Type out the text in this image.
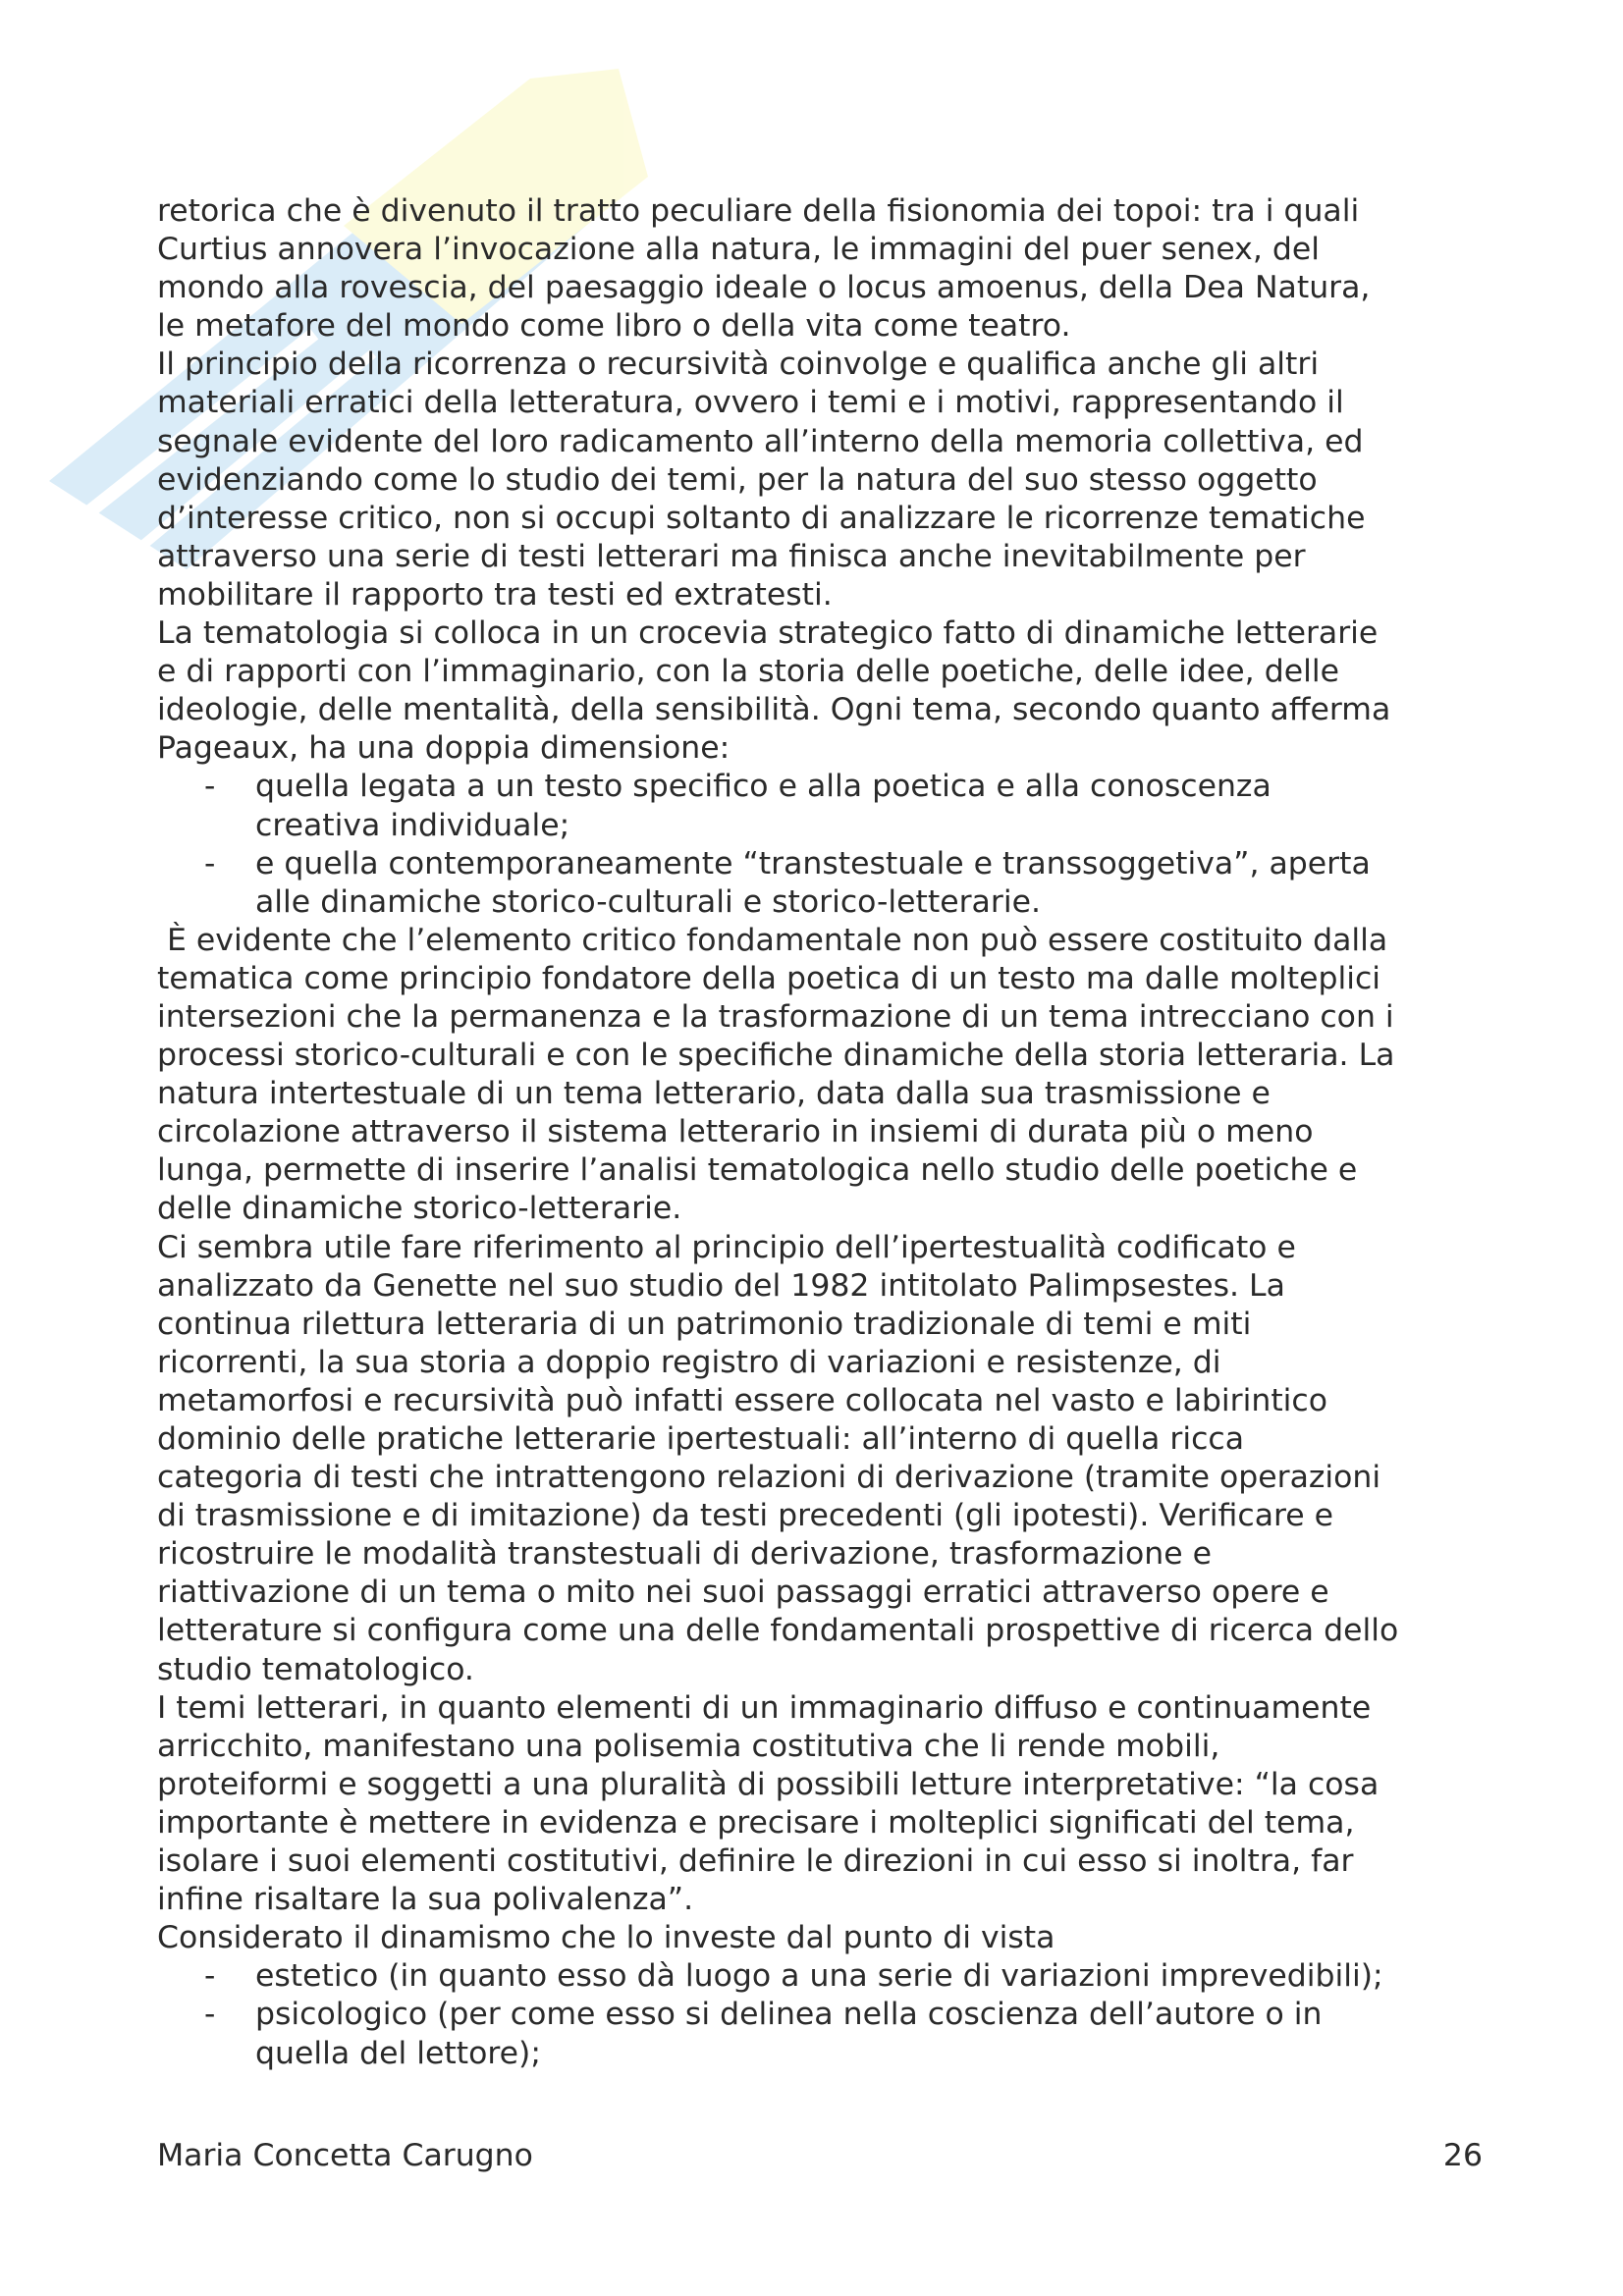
retorica che è divenuto il tratto peculiare della fisionomia dei topoi: tra i quali
Curtius annovera l’invocazione alla natura, le immagini del puer senex, del
mondo alla rovescia, del paesaggio ideale o locus amoenus, della Dea Natura,
le metafore del mondo come libro o della vita come teatro.
Il principio della ricorrenza o recursività coinvolge e qualifica anche gli altri
materiali erratici della letteratura, ovvero i temi e i motivi, rappresentando il
segnale evidente del loro radicamento all’interno della memoria collettiva, ed
evidenziando come lo studio dei temi, per la natura del suo stesso oggetto
d’interesse critico, non si occupi soltanto di analizzare le ricorrenze tematiche
attraverso una serie di testi letterari ma finisca anche inevitabilmente per
mobilitare il rapporto tra testi ed extratesti.
La tematologia si colloca in un crocevia strategico fatto di dinamiche letterarie
e di rapporti con l’immaginario, con la storia delle poetiche, delle idee, delle
ideologie, delle mentalità, della sensibilità. Ogni tema, secondo quanto afferma
Pageaux, ha una doppia dimensione:
- quella legata a un testo specifico e alla poetica e alla conoscenza
creativa individuale;
- e quella contemporaneamente “transtestuale e transsoggetiva”, aperta
alle dinamiche storico-culturali e storico-letterarie.
È evidente che l’elemento critico fondamentale non può essere costituito dalla
tematica come principio fondatore della poetica di un testo ma dalle molteplici
intersezioni che la permanenza e la trasformazione di un tema intrecciano con i
processi storico-culturali e con le specifiche dinamiche della storia letteraria. La
natura intertestuale di un tema letterario, data dalla sua trasmissione e
circolazione attraverso il sistema letterario in insiemi di durata più o meno
lunga, permette di inserire l’analisi tematologica nello studio delle poetiche e
delle dinamiche storico-letterarie.
Ci sembra utile fare riferimento al principio dell’ipertestualità codificato e
analizzato da Genette nel suo studio del 1982 intitolato Palimpsestes. La
continua rilettura letteraria di un patrimonio tradizionale di temi e miti
ricorrenti, la sua storia a doppio registro di variazioni e resistenze, di
metamorfosi e recursività può infatti essere collocata nel vasto e labirintico
dominio delle pratiche letterarie ipertestuali: all’interno di quella ricca
categoria di testi che intrattengono relazioni di derivazione (tramite operazioni
di trasmissione e di imitazione) da testi precedenti (gli ipotesti). Verificare e
ricostruire le modalità transtestuali di derivazione, trasformazione e
riattivazione di un tema o mito nei suoi passaggi erratici attraverso opere e
letterature si configura come una delle fondamentali prospettive di ricerca dello
studio tematologico.
I temi letterari, in quanto elementi di un immaginario diffuso e continuamente
arricchito, manifestano una polisemia costitutiva che li rende mobili,
proteiformi e soggetti a una pluralità di possibili letture interpretative: “la cosa
importante è mettere in evidenza e precisare i molteplici significati del tema,
isolare i suoi elementi costitutivi, definire le direzioni in cui esso si inoltra, far
infine risaltare la sua polivalenza”.
Considerato il dinamismo che lo investe dal punto di vista
- estetico (in quanto esso dà luogo a una serie di variazioni imprevedibili);
- psicologico (per come esso si delinea nella coscienza dell’autore o in
quella del lettore);
Maria Concetta Carugno	26
